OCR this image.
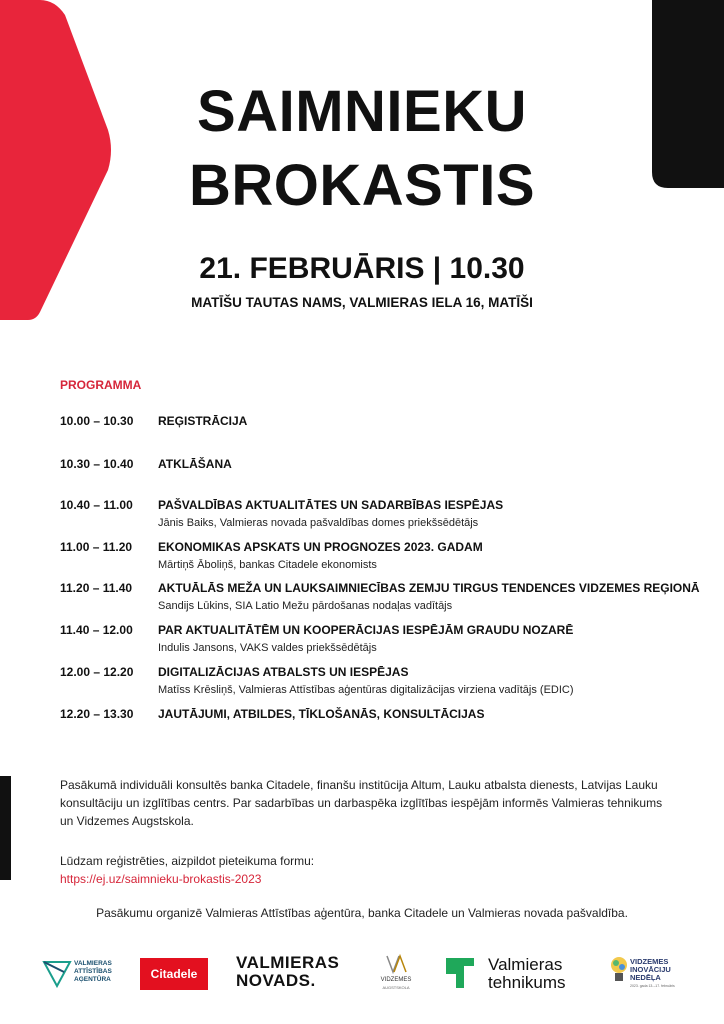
SAIMNIEKU
BROKASTIS
21. FEBRUĀRIS | 10.30
MATĪŠU TAUTAS NAMS, VALMIERAS IELA 16, MATĪŠI
PROGRAMMA
10.00 – 10.30	REĢISTRĀCIJA
10.30 – 10.40	ATKLĀŠANA
10.40 – 11.00	PAŠVALDĪBAS AKTUALITĀTES UN SADARBĪBAS IESPĒJAS
Jānis Baiks, Valmieras novada pašvaldības domes priekšsēdētājs
11.00 – 11.20	EKONOMIKAS APSKATS UN PROGNOZES 2023. GADAM
Mārtiņš Āboliņš, bankas Citadele ekonomists
11.20 – 11.40	AKTUĀLĀS MEŽA UN LAUKSAIMNIECĪBAS ZEMJU TIRGUS TENDENCES VIDZEMES REĢIONĀ
Sandijs Lūkins, SIA Latio Mežu pārdošanas nodaļas vadītājs
11.40 – 12.00	PAR AKTUALITĀTĒM UN KOOPERĀCIJAS IESPĒJĀM GRAUDU NOZARĒ
Indulis Jansons, VAKS valdes priekšsēdētājs
12.00 – 12.20	DIGITALIZĀCIJAS ATBALSTS UN IESPĒJAS
Matīss Krēsliņš, Valmieras Attīstības aģentūras digitalizācijas virziena vadītājs (EDIC)
12.20 – 13.30	JAUTĀJUMI, ATBILDES, TĪKLOŠANĀS, KONSULTĀCIJAS
Pasākumā individuāli konsultēs banka Citadele, finanšu institūcija Altum, Lauku atbalsta dienests, Latvijas Lauku
konsultāciju un izglītības centrs. Par sadarbības un darbaspēka izglītības iespējām informēs Valmieras tehnikums
un Vidzemes Augstskola.
Lūdzam reģistrēties, aizpildot pieteikuma formu:
https://ej.uz/saimnieku-brokastis-2023
Pasākumu organizē Valmieras Attīstības aģentūra, banka Citadele un Valmieras novada pašvaldība.
VALMIERAS
ATTĪSTĪBAS
AĢENTŪRA	Citadele
VALMIERAS
NOVADS.	VIDZEMES
AUGSTSKOLA
Valmieras
tehnikums
VIDZEMES
INOVĀCIJU
NEDĒĻA
2023. gada 13.–17. februāris
